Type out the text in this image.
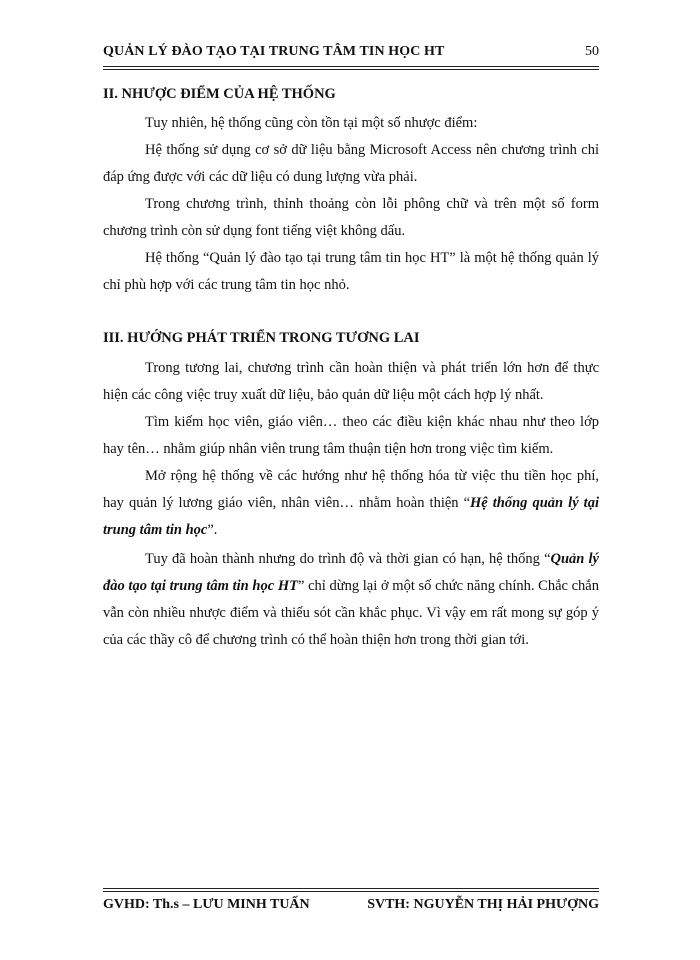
QUẢN LÝ ĐÀO TẠO TẠI TRUNG TÂM TIN HỌC HT	50
II. NHƯỢC ĐIỂM CỦA HỆ THỐNG
Tuy nhiên, hệ thống cũng còn tồn tại một số nhược điểm:
Hệ thống sử dụng cơ sở dữ liệu bằng Microsoft Access nên chương trình chỉ đáp ứng được với các dữ liệu có dung lượng vừa phải.
Trong chương trình, thỉnh thoảng còn lỗi phông chữ và trên một số form chương trình còn sử dụng font tiếng việt không dấu.
Hệ thống “Quản lý đào tạo tại trung tâm tin học HT” là một hệ thống quản lý chỉ phù hợp với các trung tâm tin học nhỏ.
III. HƯỚNG PHÁT TRIỂN TRONG TƯƠNG LAI
Trong tương lai, chương trình cần hoàn thiện và phát triển lớn hơn để thực hiện các công việc truy xuất dữ liệu, bảo quản dữ liệu một cách hợp lý nhất.
Tìm kiếm học viên, giáo viên… theo các điều kiện khác nhau như theo lớp hay tên… nhằm giúp nhân viên trung tâm thuận tiện hơn trong việc tìm kiếm.
Mở rộng hệ thống về các hướng như hệ thống hóa từ việc thu tiền học phí, hay quản lý lương giáo viên, nhân viên… nhằm hoàn thiện “Hệ thống quản lý tại trung tâm tin học”.
Tuy đã hoàn thành nhưng do trình độ và thời gian có hạn, hệ thống “Quản lý đào tạo tại trung tâm tin học HT” chỉ dừng lại ở một số chức năng chính. Chắc chắn vẫn còn nhiều nhược điểm và thiếu sót cần khắc phục. Vì vậy em rất mong sự góp ý của các thầy cô để chương trình có thể hoàn thiện hơn trong thời gian tới.
GVHD: Th.s – LƯU MINH TUẤN	SVTH: NGUYỄN THỊ HẢI PHƯỢNG
